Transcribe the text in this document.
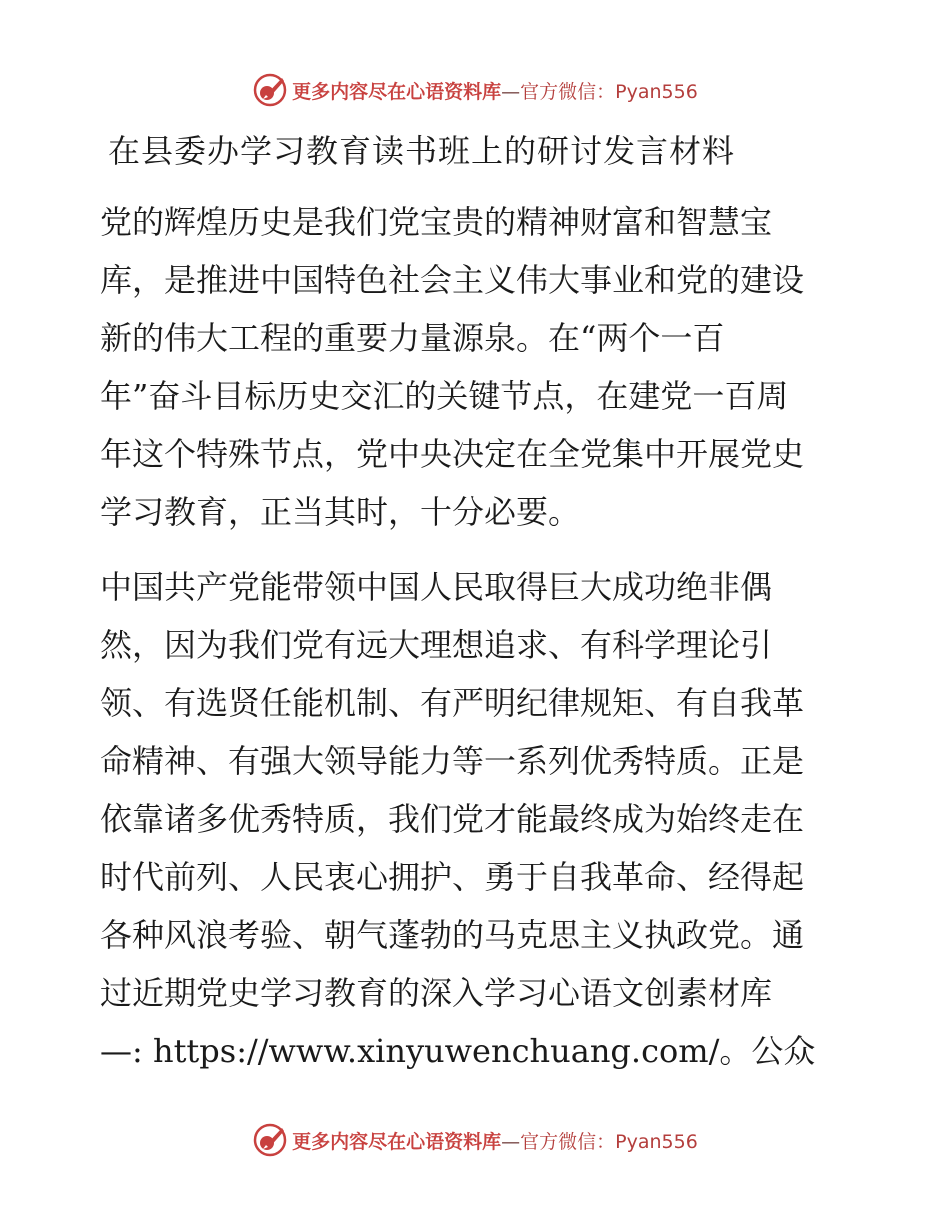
更多内容尽在心语资料库—官方微信：Pyan556
在县委办学习教育读书班上的研讨发言材料
党的辉煌历史是我们党宝贵的精神财富和智慧宝
库，是推进中国特色社会主义伟大事业和党的建设
新的伟大工程的重要力量源泉。在“两个一百
年”奋斗目标历史交汇的关键节点，在建党一百周
年这个特殊节点，党中央决定在全党集中开展党史
学习教育，正当其时，十分必要。
中国共产党能带领中国人民取得巨大成功绝非偶
然，因为我们党有远大理想追求、有科学理论引
领、有选贤任能机制、有严明纪律规矩、有自我革
命精神、有强大领导能力等一系列优秀特质。正是
依靠诸多优秀特质，我们党才能最终成为始终走在
时代前列、人民衷心拥护、勇于自我革命、经得起
各种风浪考验、朝气蓬勃的马克思主义执政党。通
过近期党史学习教育的深入学习心语文创素材库
—: https://www.xinyuwenchuang.com/。公众
更多内容尽在心语资料库—官方微信：Pyan556
